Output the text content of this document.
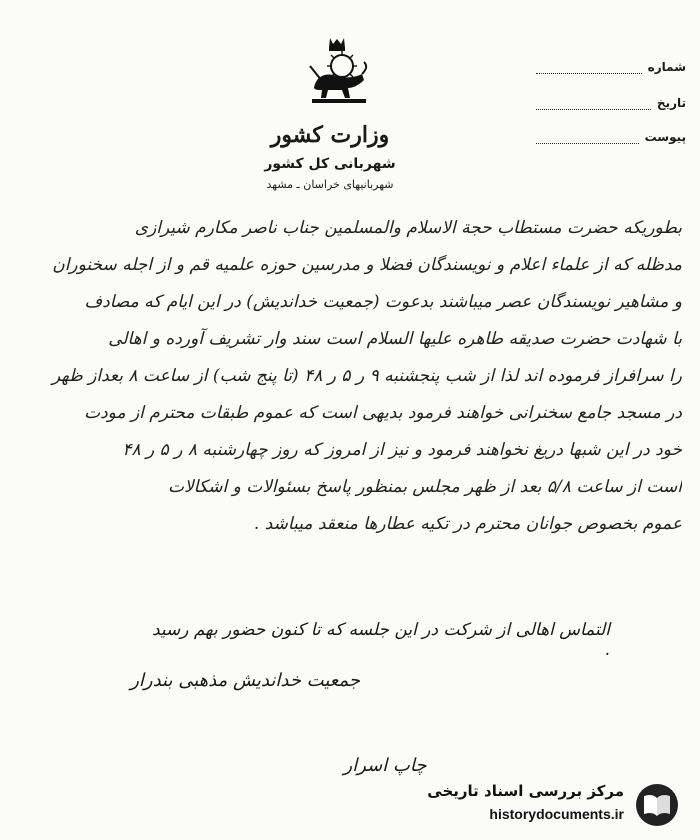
وزارت کشور
شهربانی کل کشور
شهربانیهای خراسان ـ مشهد
شماره
تاریخ
پیوست
بطوریکه حضرت مستطاب حجة الاسلام والمسلمین جناب ناصر مکارم شیرازی
مدظله که از علماء اعلام و نویسندگان فضلا و مدرسین حوزه علمیه قم و از اجله سخنوران
و مشاهیر نویسندگان عصر میباشند بدعوت (جمعیت خداندیش) در این ایام که مصادف
با شهادت حضرت صدیقه طاهره علیها السلام است سند وار تشریف آورده و اهالی
را سرافراز فرموده اند لذا از شب پنجشنبه ۹ ر ۵ ر ۴۸ (تا پنج شب) از ساعت ۸ بعداز ظهر
در مسجد جامع سخنرانی خواهند فرمود بدیهی است که عموم طبقات محترم از مودت
خود در این شبها دریغ نخواهند فرمود و نیز از امروز که روز چهارشنبه ۸ ر ۵ ر ۴۸
است از ساعت ۵/۸ بعد از ظهر مجلس بمنظور پاسخ بسئوالات و اشکالات
عموم بخصوص جوانان محترم در تکیه عطارها منعقد میباشد .
التماس اهالی از شرکت در این جلسه که تا کنون حضور بهم رسید .
جمعیت خداندیش مذهبی بندرار
چاپ اسرار
مرکز بررسی اسناد تاریخی
historydocuments.ir
